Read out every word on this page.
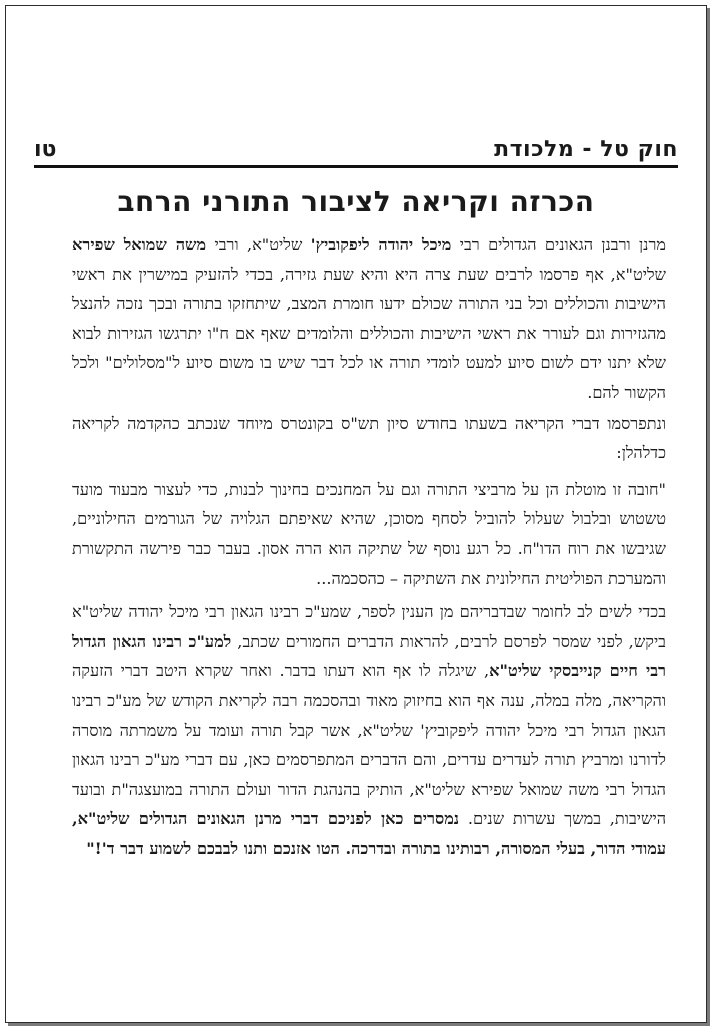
חוק טל - מלכודת
טו
הכרזה וקריאה לציבור התורני הרחב

מרנן ורבנן הגאונים הגדולים רבי מיכל יהודה ליפקוביץ' שליט"א, ורבי משה שמואל שפירא שליט"א, אף פרסמו לרבים שעת צרה היא והיא שעת גזירה, בכדי להזעיק במישרין את ראשי הישיבות והכוללים וכל בני התורה שכולם ידעו חומרת המצב, שיתחזקו בתורה ובכך נזכה להנצל מהגזירות וגם לעורר את ראשי הישיבות והכוללים והלומדים שאף אם ח"ו יתרגשו הגזירות לבוא שלא יתנו ידם לשום סיוע למעט לומדי תורה או לכל דבר שיש בו משום סיוע ל"מסלולים" ולכל הקשור להם.

ונתפרסמו דברי הקריאה בשעתו בחודש סיון תש"ס בקונטרס מיוחד שנכתב כהקדמה לקריאה כדלהלן:

"חובה זו מוטלת הן על מרביצי התורה וגם על המחנכים בחינוך לבנות, כדי לעצור מבעוד מועד טשטוש ובלבול שעלול להוביל לסחף מסוכן, שהיא שאיפתם הגלויה של הגורמים החילוניים, שגיבשו את רוח הדו"ח. כל רגע נוסף של שתיקה הוא הרה אסון. בעבר כבר פירשה התקשורת והמערכת הפוליטית החילונית את השתיקה – כהסכמה...

בכדי לשים לב לחומר שבדבריהם מן הענין לספר, שמע"כ רבינו הגאון רבי מיכל יהודה שליט"א ביקש, לפני שמסר לפרסם לרבים, להראות הדברים החמורים שכתב, למע"כ רבינו הגאון הגדול רבי חיים קנייבסקי שליט"א, שיגלה לו אף הוא דעתו בדבר. ואחר שקרא היטב דברי הזעקה והקריאה, מלה במלה, ענה אף הוא בחיזוק מאוד ובהסכמה רבה לקריאת הקודש של מע"כ רבינו הגאון הגדול רבי מיכל יהודה ליפקוביץ' שליט"א, אשר קבל תורה ועומד על משמרתה מוסרה לדורנו ומרביץ תורה לעדרים עדרים, והם הדברים המתפרסמים כאן, עם דברי מע"כ רבינו הגאון הגדול רבי משה שמואל שפירא שליט"א, הותיק בהנהגת הדור ועולם התורה במועצגה"ת ובועד הישיבות, במשך עשרות שנים. נמסרים כאן לפניכם דברי מרנן הגאונים הגדולים שליט"א, עמודי הדור, בעלי המסורה, רבותינו בתורה ובדרכה. הטו אזנכם ותנו לבבכם לשמוע דבר ד'!"
